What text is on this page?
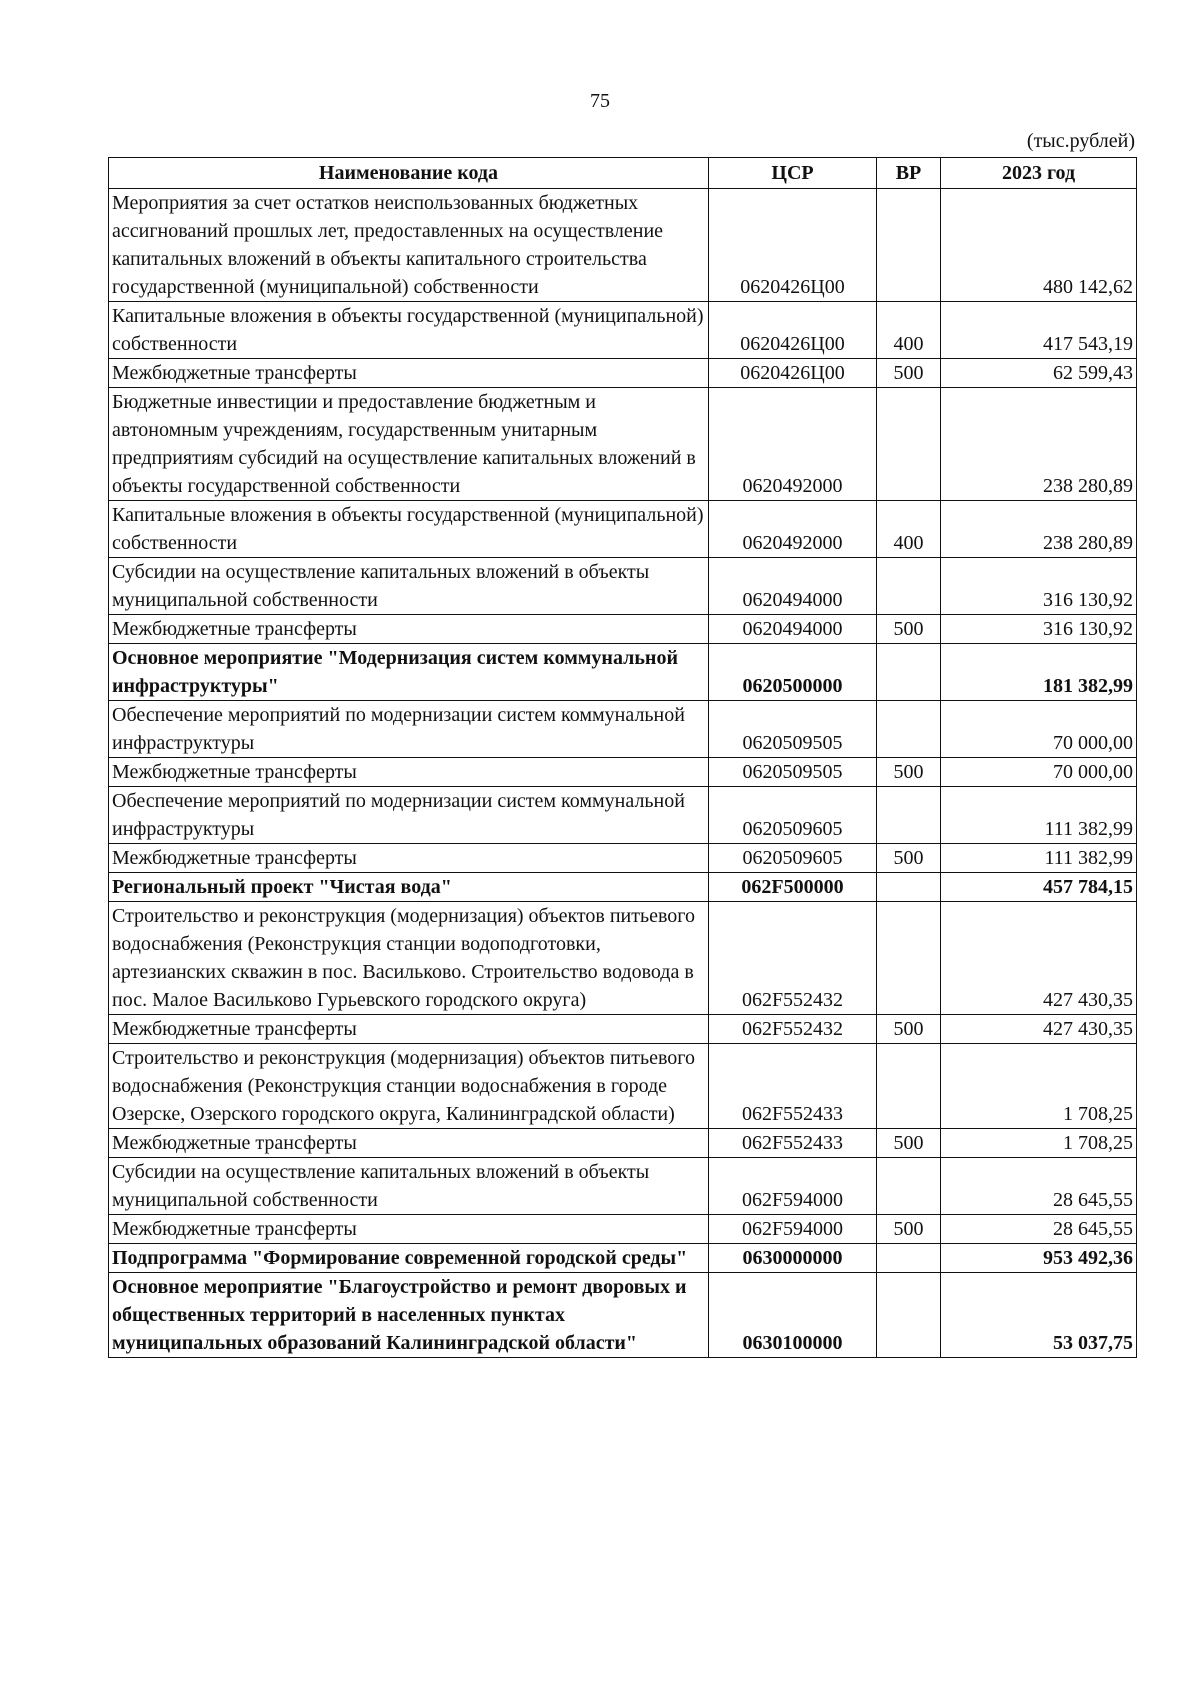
75
(тыс.рублей)
Наименование кода	ЦСР	ВР	2023 год
Мероприятия за счет остатков неиспользованных бюджетных ассигнований прошлых лет, предоставленных на осуществление капитальных вложений в объекты капитального строительства государственной (муниципальной) собственности	0620426Ц00		480 142,62
Капитальные вложения в объекты государственной (муниципальной) собственности	0620426Ц00	400	417 543,19
Межбюджетные трансферты	0620426Ц00	500	62 599,43
Бюджетные инвестиции и предоставление бюджетным и автономным учреждениям, государственным унитарным предприятиям субсидий на осуществление капитальных вложений в объекты государственной собственности	0620492000		238 280,89
Капитальные вложения в объекты государственной (муниципальной) собственности	0620492000	400	238 280,89
Субсидии на осуществление капитальных вложений в объекты муниципальной собственности	0620494000		316 130,92
Межбюджетные трансферты	0620494000	500	316 130,92
Основное мероприятие "Модернизация систем коммунальной инфраструктуры"	0620500000		181 382,99
Обеспечение мероприятий по модернизации систем коммунальной инфраструктуры	0620509505		70 000,00
Межбюджетные трансферты	0620509505	500	70 000,00
Обеспечение мероприятий по модернизации систем коммунальной инфраструктуры	0620509605		111 382,99
Межбюджетные трансферты	0620509605	500	111 382,99
Региональный проект "Чистая вода"	062F500000		457 784,15
Строительство и реконструкция (модернизация) объектов питьевого водоснабжения (Реконструкция станции водоподготовки, артезианских скважин в пос. Васильково. Строительство водовода в пос. Малое Васильково Гурьевского городского округа)	062F552432		427 430,35
Межбюджетные трансферты	062F552432	500	427 430,35
Строительство и реконструкция (модернизация) объектов питьевого водоснабжения (Реконструкция станции водоснабжения в городе Озерске, Озерского городского округа, Калининградской области)	062F552433		1 708,25
Межбюджетные трансферты	062F552433	500	1 708,25
Субсидии на осуществление капитальных вложений в объекты муниципальной собственности	062F594000		28 645,55
Межбюджетные трансферты	062F594000	500	28 645,55
Подпрограмма "Формирование современной городской среды"	0630000000		953 492,36
Основное мероприятие "Благоустройство и ремонт дворовых и общественных территорий в населенных пунктах муниципальных образований Калининградской области"	0630100000		53 037,75
